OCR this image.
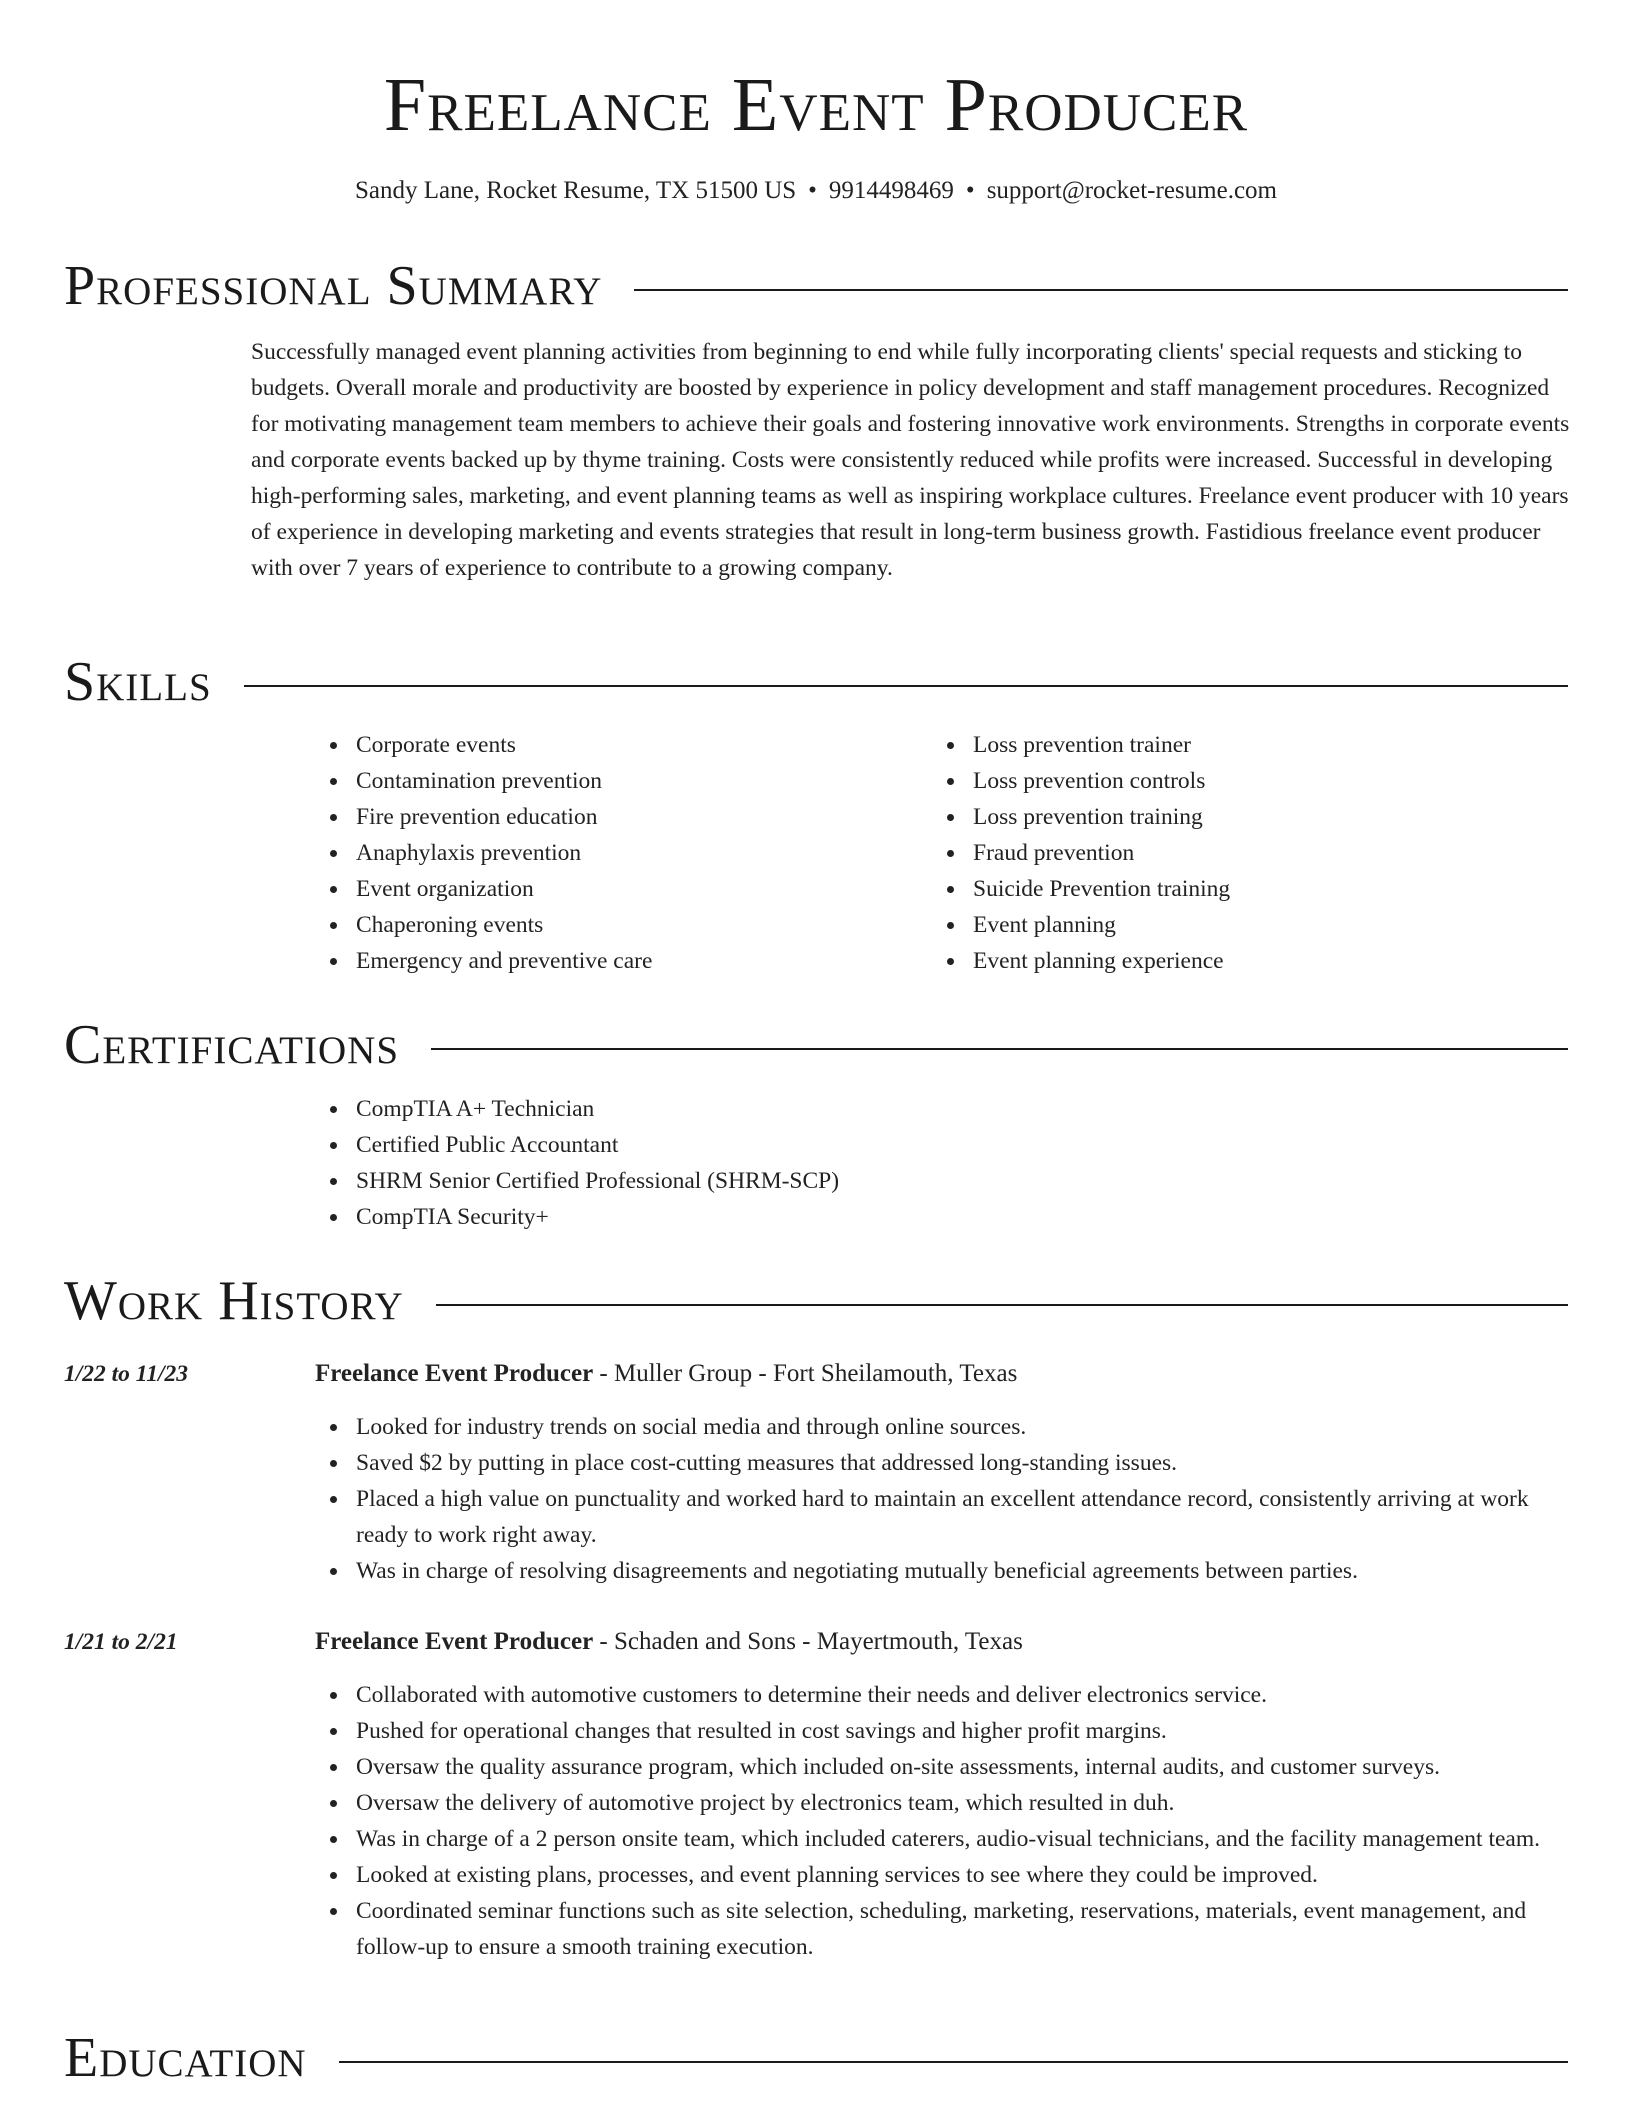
Freelance Event Producer
Sandy Lane, Rocket Resume, TX 51500 US • 9914498469 • support@rocket-resume.com
Professional Summary
Successfully managed event planning activities from beginning to end while fully incorporating clients' special requests and sticking to budgets. Overall morale and productivity are boosted by experience in policy development and staff management procedures. Recognized for motivating management team members to achieve their goals and fostering innovative work environments. Strengths in corporate events and corporate events backed up by thyme training. Costs were consistently reduced while profits were increased. Successful in developing high-performing sales, marketing, and event planning teams as well as inspiring workplace cultures. Freelance event producer with 10 years of experience in developing marketing and events strategies that result in long-term business growth. Fastidious freelance event producer with over 7 years of experience to contribute to a growing company.
Skills
Corporate events
Contamination prevention
Fire prevention education
Anaphylaxis prevention
Event organization
Chaperoning events
Emergency and preventive care
Loss prevention trainer
Loss prevention controls
Loss prevention training
Fraud prevention
Suicide Prevention training
Event planning
Event planning experience
Certifications
CompTIA A+ Technician
Certified Public Accountant
SHRM Senior Certified Professional (SHRM-SCP)
CompTIA Security+
Work History
1/22 to 11/23	Freelance Event Producer - Muller Group - Fort Sheilamouth, Texas
Looked for industry trends on social media and through online sources.
Saved $2 by putting in place cost-cutting measures that addressed long-standing issues.
Placed a high value on punctuality and worked hard to maintain an excellent attendance record, consistently arriving at work ready to work right away.
Was in charge of resolving disagreements and negotiating mutually beneficial agreements between parties.
1/21 to 2/21	Freelance Event Producer - Schaden and Sons - Mayertmouth, Texas
Collaborated with automotive customers to determine their needs and deliver electronics service.
Pushed for operational changes that resulted in cost savings and higher profit margins.
Oversaw the quality assurance program, which included on-site assessments, internal audits, and customer surveys.
Oversaw the delivery of automotive project by electronics team, which resulted in duh.
Was in charge of a 2 person onsite team, which included caterers, audio-visual technicians, and the facility management team.
Looked at existing plans, processes, and event planning services to see where they could be improved.
Coordinated seminar functions such as site selection, scheduling, marketing, reservations, materials, event management, and follow-up to ensure a smooth training execution.
Education
